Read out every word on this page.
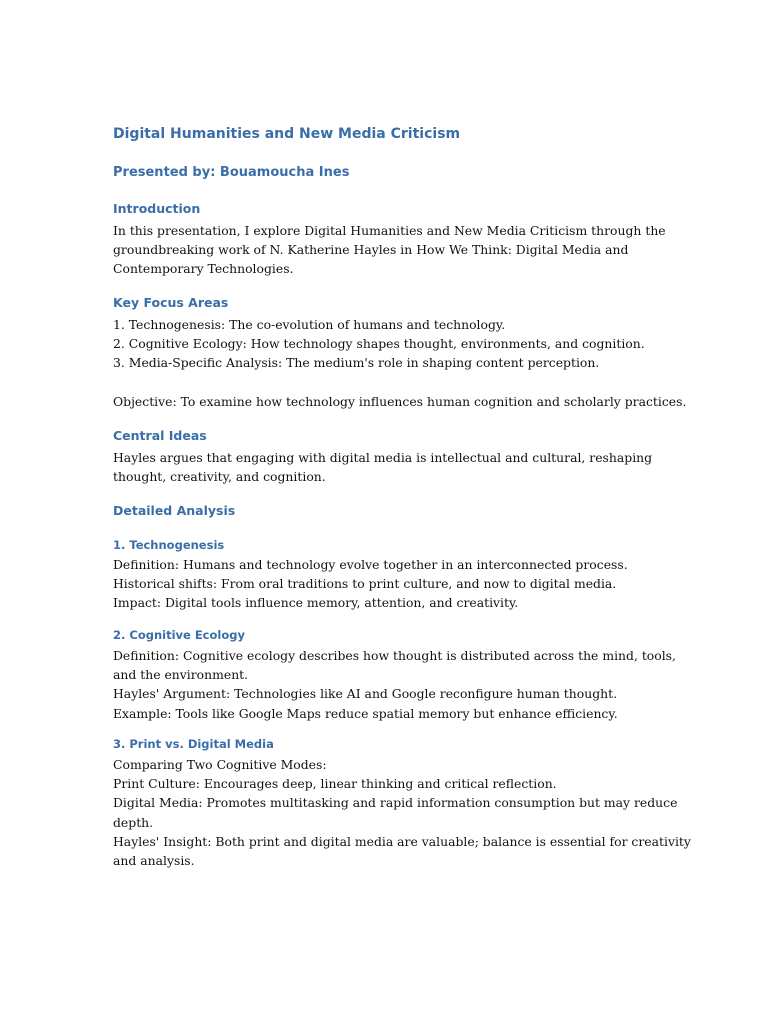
Digital Humanities and New Media Criticism
Presented by: Bouamoucha Ines
Introduction
In this presentation, I explore Digital Humanities and New Media Criticism through the
groundbreaking work of N. Katherine Hayles in How We Think: Digital Media and
Contemporary Technologies.
Key Focus Areas
1. Technogenesis: The co-evolution of humans and technology.
2. Cognitive Ecology: How technology shapes thought, environments, and cognition.
3. Media-Specific Analysis: The medium's role in shaping content perception.
Objective: To examine how technology influences human cognition and scholarly practices.
Central Ideas
Hayles argues that engaging with digital media is intellectual and cultural, reshaping
thought, creativity, and cognition.
Detailed Analysis
1. Technogenesis
Definition: Humans and technology evolve together in an interconnected process.
Historical shifts: From oral traditions to print culture, and now to digital media.
Impact: Digital tools influence memory, attention, and creativity.
2. Cognitive Ecology
Definition: Cognitive ecology describes how thought is distributed across the mind, tools,
and the environment.
Hayles' Argument: Technologies like AI and Google reconfigure human thought.
Example: Tools like Google Maps reduce spatial memory but enhance efficiency.
3. Print vs. Digital Media
Comparing Two Cognitive Modes:
Print Culture: Encourages deep, linear thinking and critical reflection.
Digital Media: Promotes multitasking and rapid information consumption but may reduce
depth.
Hayles' Insight: Both print and digital media are valuable; balance is essential for creativity
and analysis.
